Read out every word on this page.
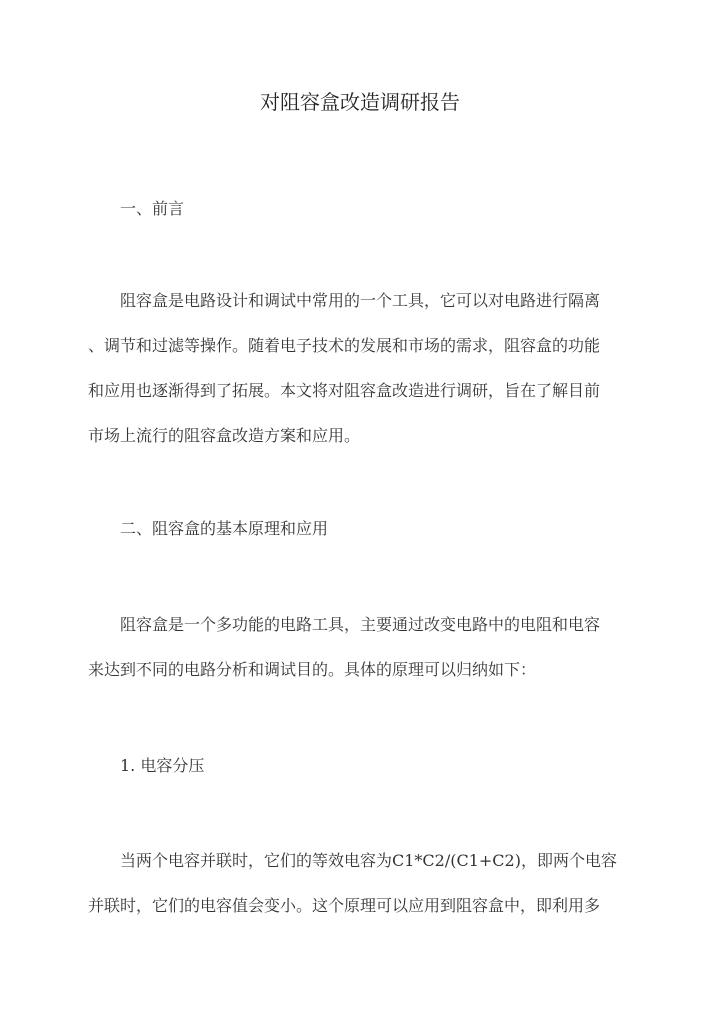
对阻容盒改造调研报告

一、前言

阻容盒是电路设计和调试中常用的一个工具，它可以对电路进行隔离

、调节和过滤等操作。随着电子技术的发展和市场的需求，阻容盒的功能

和应用也逐渐得到了拓展。本文将对阻容盒改造进行调研，旨在了解目前

市场上流行的阻容盒改造方案和应用。

二、阻容盒的基本原理和应用

阻容盒是一个多功能的电路工具，主要通过改变电路中的电阻和电容

来达到不同的电路分析和调试目的。具体的原理可以归纳如下：

1. 电容分压

当两个电容并联时，它们的等效电容为C1*C2/(C1+C2)，即两个电容

并联时，它们的电容值会变小。这个原理可以应用到阻容盒中，即利用多
